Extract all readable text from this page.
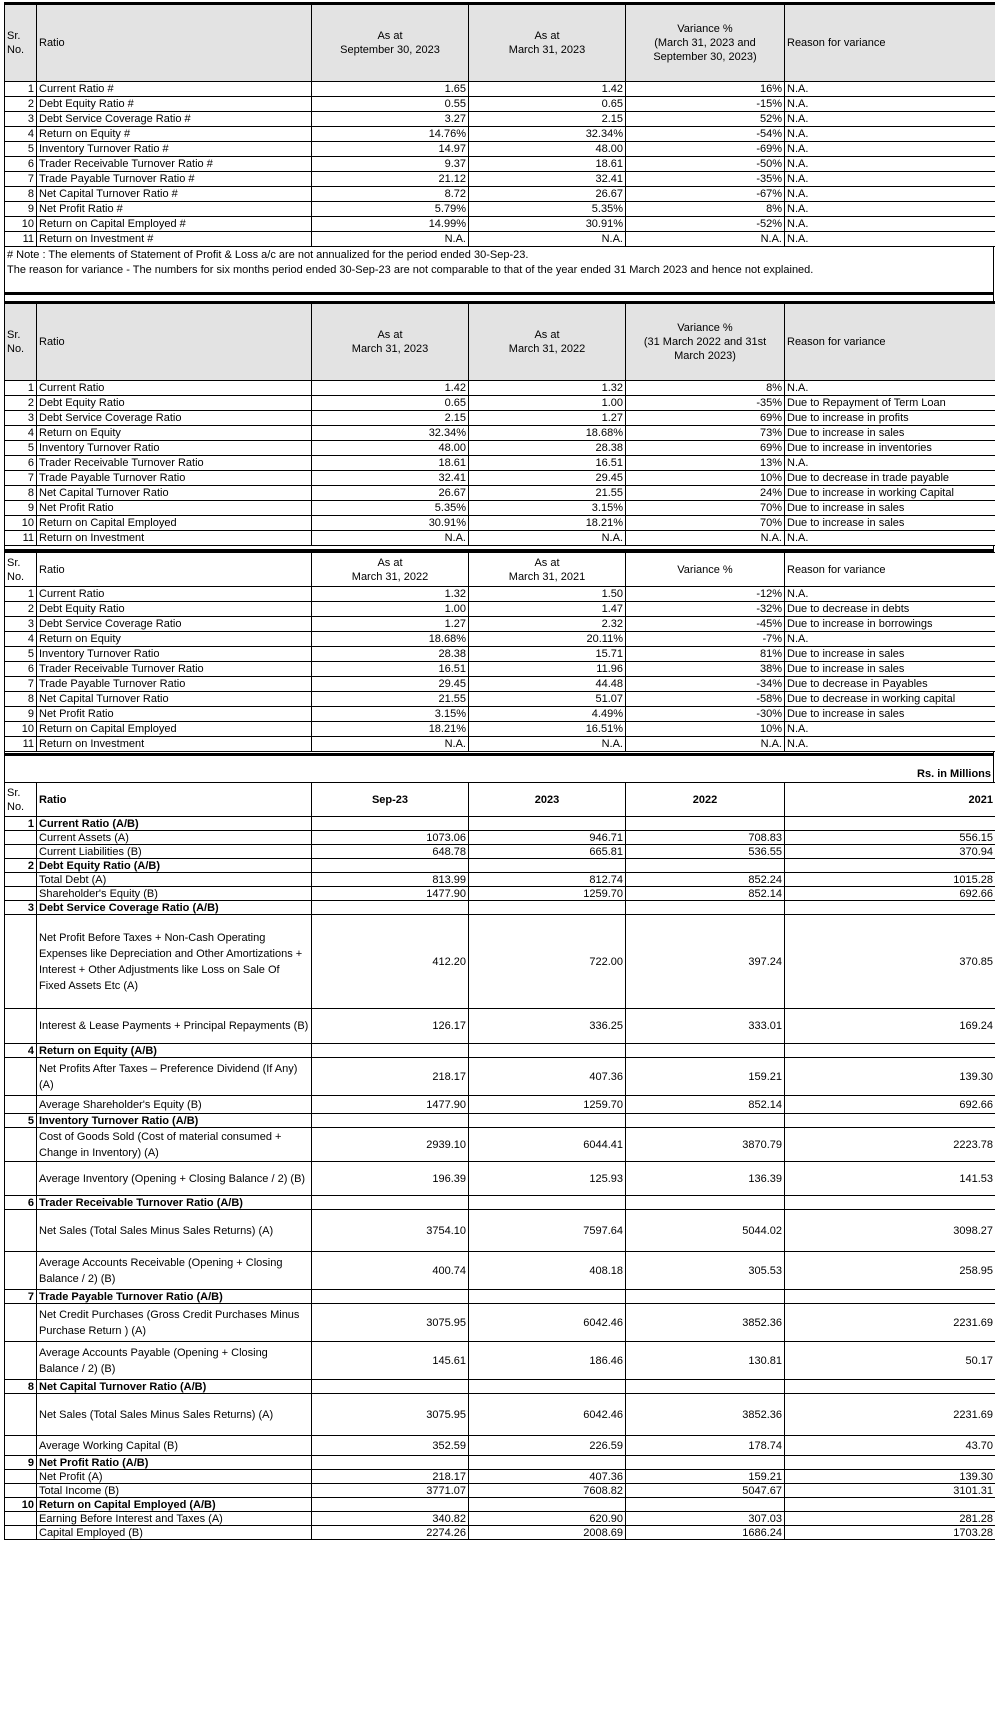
Sr.
No.	Ratio	As at
September 30, 2023	As at
March 31, 2023	Variance %
(March 31, 2023 and
September 30, 2023)	Reason for variance
1	Current Ratio #	1.65	1.42	16%	N.A.
2	Debt Equity Ratio #	0.55	0.65	-15%	N.A.
3	Debt Service Coverage Ratio #	3.27	2.15	52%	N.A.
4	Return on Equity #	14.76%	32.34%	-54%	N.A.
5	Inventory Turnover Ratio #	14.97	48.00	-69%	N.A.
6	Trader Receivable Turnover Ratio #	9.37	18.61	-50%	N.A.
7	Trade Payable Turnover Ratio #	21.12	32.41	-35%	N.A.
8	Net Capital Turnover Ratio #	8.72	26.67	-67%	N.A.
9	Net Profit Ratio #	5.79%	5.35%	8%	N.A.
10	Return on Capital Employed #	14.99%	30.91%	-52%	N.A.
11	Return on Investment #	N.A.	N.A.	N.A.	N.A.
# Note : The elements of Statement of Profit & Loss a/c are not annualized for the period ended 30-Sep-23.
The reason for variance - The numbers for six months period ended 30-Sep-23 are not comparable to that of the year ended 31 March 2023 and hence not explained.
Sr.
No.	Ratio	As at
March 31, 2023	As at
March 31, 2022	Variance %
(31 March 2022 and 31st
March 2023)	Reason for variance
1	Current Ratio	1.42	1.32	8%	N.A.
2	Debt Equity Ratio	0.65	1.00	-35%	Due to Repayment of Term Loan
3	Debt Service Coverage Ratio	2.15	1.27	69%	Due to increase in profits
4	Return on Equity	32.34%	18.68%	73%	Due to increase in sales
5	Inventory Turnover Ratio	48.00	28.38	69%	Due to increase in inventories
6	Trader Receivable Turnover Ratio	18.61	16.51	13%	N.A.
7	Trade Payable Turnover Ratio	32.41	29.45	10%	Due to decrease in trade payable
8	Net Capital Turnover Ratio	26.67	21.55	24%	Due to increase in working Capital
9	Net Profit Ratio	5.35%	3.15%	70%	Due to increase in sales
10	Return on Capital Employed	30.91%	18.21%	70%	Due to increase in sales
11	Return on Investment	N.A.	N.A.	N.A.	N.A.
Sr.
No.	Ratio	As at
March 31, 2022	As at
March 31, 2021	Variance %	Reason for variance
1	Current Ratio	1.32	1.50	-12%	N.A.
2	Debt Equity Ratio	1.00	1.47	-32%	Due to decrease in debts
3	Debt Service Coverage Ratio	1.27	2.32	-45%	Due to increase in borrowings
4	Return on Equity	18.68%	20.11%	-7%	N.A.
5	Inventory Turnover Ratio	28.38	15.71	81%	Due to increase in sales
6	Trader Receivable Turnover Ratio	16.51	11.96	38%	Due to increase in sales
7	Trade Payable Turnover Ratio	29.45	44.48	-34%	Due to decrease in Payables
8	Net Capital Turnover Ratio	21.55	51.07	-58%	Due to decrease in working capital
9	Net Profit Ratio	3.15%	4.49%	-30%	Due to increase in sales
10	Return on Capital Employed	18.21%	16.51%	10%	N.A.
11	Return on Investment	N.A.	N.A.	N.A.	N.A.
Rs. in Millions
Sr.
No.	Ratio	Sep-23	2023	2022	2021
1	Current Ratio (A/B)				
	Current Assets (A)	1073.06	946.71	708.83	556.15
	Current Liabilities (B)	648.78	665.81	536.55	370.94
2	Debt Equity Ratio (A/B)				
	Total Debt (A)	813.99	812.74	852.24	1015.28
	Shareholder's Equity (B)	1477.90	1259.70	852.14	692.66
3	Debt Service Coverage Ratio (A/B)				
	Net Profit Before Taxes + Non-Cash Operating Expenses like Depreciation and Other Amortizations + Interest + Other Adjustments like Loss on Sale Of Fixed Assets Etc (A)	412.20	722.00	397.24	370.85
	Interest & Lease Payments + Principal Repayments (B)	126.17	336.25	333.01	169.24
4	Return on Equity (A/B)				
	Net Profits After Taxes – Preference Dividend (If Any) (A)	218.17	407.36	159.21	139.30
	Average Shareholder's Equity (B)	1477.90	1259.70	852.14	692.66
5	Inventory Turnover Ratio (A/B)				
	Cost of Goods Sold (Cost of material consumed + Change in Inventory) (A)	2939.10	6044.41	3870.79	2223.78
	Average Inventory (Opening + Closing Balance / 2) (B)	196.39	125.93	136.39	141.53
6	Trader Receivable Turnover Ratio (A/B)				
	Net Sales (Total Sales Minus Sales Returns) (A)	3754.10	7597.64	5044.02	3098.27
	Average Accounts Receivable (Opening + Closing Balance / 2) (B)	400.74	408.18	305.53	258.95
7	Trade Payable Turnover Ratio (A/B)				
	Net Credit Purchases (Gross Credit Purchases Minus Purchase Return ) (A)	3075.95	6042.46	3852.36	2231.69
	Average Accounts Payable (Opening + Closing Balance / 2) (B)	145.61	186.46	130.81	50.17
8	Net Capital Turnover Ratio (A/B)				
	Net Sales (Total Sales Minus Sales Returns) (A)	3075.95	6042.46	3852.36	2231.69
	Average Working Capital (B)	352.59	226.59	178.74	43.70
9	Net Profit Ratio (A/B)				
	Net Profit (A)	218.17	407.36	159.21	139.30
	Total Income (B)	3771.07	7608.82	5047.67	3101.31
10	Return on Capital Employed (A/B)				
	Earning Before Interest and Taxes (A)	340.82	620.90	307.03	281.28
	Capital Employed (B)	2274.26	2008.69	1686.24	1703.28
